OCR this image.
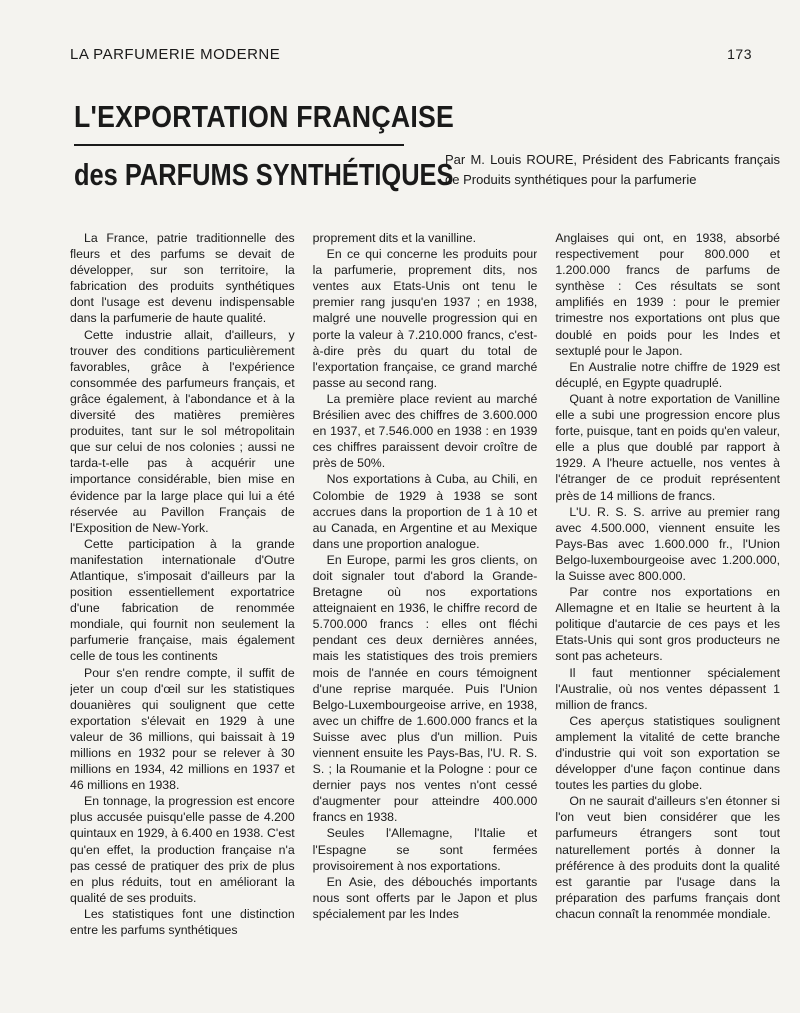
LA PARFUMERIE MODERNE	173
L'EXPORTATION FRANÇAISE
des PARFUMS SYNTHÉTIQUES
Par M. Louis ROURE, Président des Fabricants français de Produits synthétiques pour la parfumerie

La France, patrie traditionnelle des fleurs et des parfums se devait de développer, sur son territoire, la fabrication des produits synthétiques dont l'usage est devenu indispensable dans la parfumerie de haute qualité.

Cette industrie allait, d'ailleurs, y trouver des conditions particulièrement favorables, grâce à l'expérience consommée des parfumeurs français, et grâce également, à l'abondance et à la diversité des matières premières produites, tant sur le sol métropolitain que sur celui de nos colonies ; aussi ne tarda-t-elle pas à acquérir une importance considérable, bien mise en évidence par la large place qui lui a été réservée au Pavillon Français de l'Exposition de New-York.

Cette participation à la grande manifestation internationale d'Outre Atlantique, s'imposait d'ailleurs par la position essentiellement exportatrice d'une fabrication de renommée mondiale, qui fournit non seulement la parfumerie française, mais également celle de tous les continents

Pour s'en rendre compte, il suffit de jeter un coup d'œil sur les statistiques douanières qui soulignent que cette exportation s'élevait en 1929 à une valeur de 36 millions, qui baissait à 19 millions en 1932 pour se relever à 30 millions en 1934, 42 millions en 1937 et 46 millions en 1938.

En tonnage, la progression est encore plus accusée puisqu'elle passe de 4.200 quintaux en 1929, à 6.400 en 1938. C'est qu'en effet, la production française n'a pas cessé de pratiquer des prix de plus en plus réduits, tout en améliorant la qualité de ses produits.

Les statistiques font une distinction entre les parfums synthétiques

proprement dits et la vanilline.

En ce qui concerne les produits pour la parfumerie, proprement dits, nos ventes aux Etats-Unis ont tenu le premier rang jusqu'en 1937 ; en 1938, malgré une nouvelle progression qui en porte la valeur à 7.210.000 francs, c'est-à-dire près du quart du total de l'exportation française, ce grand marché passe au second rang.

La première place revient au marché Brésilien avec des chiffres de 3.600.000 en 1937, et 7.546.000 en 1938 : en 1939 ces chiffres paraissent devoir croître de près de 50%.

Nos exportations à Cuba, au Chili, en Colombie de 1929 à 1938 se sont accrues dans la proportion de 1 à 10 et au Canada, en Argentine et au Mexique dans une proportion analogue.

En Europe, parmi les gros clients, on doit signaler tout d'abord la Grande-Bretagne où nos exportations atteignaient en 1936, le chiffre record de 5.700.000 francs : elles ont fléchi pendant ces deux dernières années, mais les statistiques des trois premiers mois de l'année en cours témoignent d'une reprise marquée. Puis l'Union Belgo-Luxembourgeoise arrive, en 1938, avec un chiffre de 1.600.000 francs et la Suisse avec plus d'un million. Puis viennent ensuite les Pays-Bas, l'U. R. S. S. ; la Roumanie et la Pologne : pour ce dernier pays nos ventes n'ont cessé d'augmenter pour atteindre 400.000 francs en 1938.

Seules l'Allemagne, l'Italie et l'Espagne se sont fermées provisoirement à nos exportations.

En Asie, des débouchés importants nous sont offerts par le Japon et plus spécialement par les Indes

Anglaises qui ont, en 1938, absorbé respectivement pour 800.000 et 1.200.000 francs de parfums de synthèse : Ces résultats se sont amplifiés en 1939 : pour le premier trimestre nos exportations ont plus que doublé en poids pour les Indes et sextuplé pour le Japon.

En Australie notre chiffre de 1929 est décuplé, en Egypte quadruplé.

Quant à notre exportation de Vanilline elle a subi une progression encore plus forte, puisque, tant en poids qu'en valeur, elle a plus que doublé par rapport à 1929. A l'heure actuelle, nos ventes à l'étranger de ce produit représentent près de 14 millions de francs.

L'U. R. S. S. arrive au premier rang avec 4.500.000, viennent ensuite les Pays-Bas avec 1.600.000 fr., l'Union Belgo-luxembourgeoise avec 1.200.000, la Suisse avec 800.000.

Par contre nos exportations en Allemagne et en Italie se heurtent à la politique d'autarcie de ces pays et les Etats-Unis qui sont gros producteurs ne sont pas acheteurs.

Il faut mentionner spécialement l'Australie, où nos ventes dépassent 1 million de francs.

Ces aperçus statistiques soulignent amplement la vitalité de cette branche d'industrie qui voit son exportation se développer d'une façon continue dans toutes les parties du globe.

On ne saurait d'ailleurs s'en étonner si l'on veut bien considérer que les parfumeurs étrangers sont tout naturellement portés à donner la préférence à des produits dont la qualité est garantie par l'usage dans la préparation des parfums français dont chacun connaît la renommée mondiale.
